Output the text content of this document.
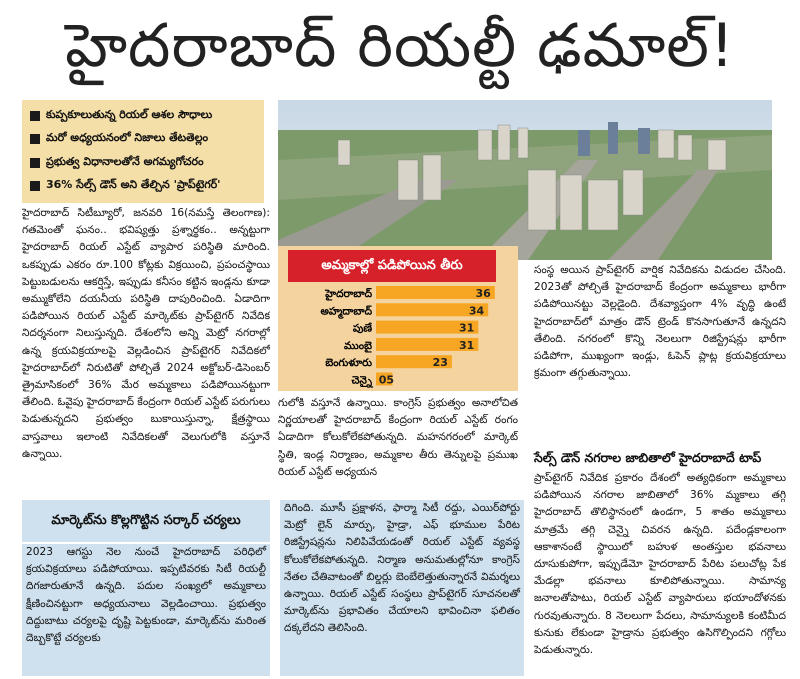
హైదరాబాద్ రియల్టీ ఢమాల్!
కుప్పకూలుతున్న రియల్ ఆశల సౌధాలు
మరో అధ్యయనంలో నిజాలు తేటతెల్లం
ప్రభుత్వ విధానాలతోనే అగమ్యగోచరం
36% సేల్స్ డౌన్ అని తేల్చిన 'ప్రాప్‌టైగర్'
అమ్మకాల్లో పడిపోయిన తీరు
హైదరాబాద్	36
అహ్మదాబాద్	34
పుణే	31
ముంబై	31
బెంగుళూరు	23
చెన్నై 05

హైదరాబాద్ సిటీబ్యూరో, జనవరి 16(నమస్తే తెలంగాణ): గతమెంతో ఘనం.. భవిష్యత్తు ప్రశ్నార్థకం.. అన్నట్టుగా హైదరాబాద్ రియల్ ఎస్టేట్ వ్యాపార పరిస్థితి మారింది. ఒకప్పుడు ఎకరం రూ.100 కోట్లకు విక్రయించి, ప్రపంచస్థాయి పెట్టుబడులను ఆకర్షిస్తే, ఇప్పుడు కనీసం కట్టిన ఇండ్లను కూడా అమ్ముకోలేని దయనీయ పరిస్థితి దాపురించింది. ఏడాదిగా పడిపోయిన రియల్ ఎస్టేట్ మార్కెట్‌కు ప్రాప్‌టైగర్ నివేదిక నిదర్శనంగా నిలుస్తున్నది. దేశంలోని అన్ని మెట్రో నగరాల్లో ఉన్న క్రయవిక్రయాలపై వెల్లడించిన ప్రాప్‌టైగర్ నివేదికలో హైదరాబాద్‌లో నిరుటితో పోల్చితే 2024 అక్టోబర్-డిసెంబర్ త్రైమాసికంలో 36% మేర అమ్మకాలు పడిపోయినట్టుగా తేలింది. ఓవైపు హైదరాబాద్ కేంద్రంగా రియల్ ఎస్టేట్ పరుగులు పెడుతున్నదని ప్రభుత్వం బుకాయిస్తున్నా, క్షేత్రస్థాయి వాస్తవాలు ఇలాంటి నివేదికలతో వెలుగులోకి వస్తూనే ఉన్నాయి.

గులోకి వస్తూనే ఉన్నాయి. కాంగ్రెస్ ప్రభుత్వం అనాలోచిత నిర్ణయాలతో హైదరాబాద్ కేంద్రంగా రియల్ ఎస్టేట్ రంగం ఏడాదిగా కోలుకోలేకపోతున్నది. మహనగరంలో మార్కెట్ స్థితి, ఇండ్ల నిర్మాణం, అమ్మకాల తీరు తెన్నులపై ప్రముఖ రియల్ ఎస్టేట్ అధ్యయన

సంస్థ అయిన ప్రాప్‌టైగర్ వార్షిక నివేదికను విడుదల చేసింది. 2023తో పోల్చితే హైదరాబాద్ కేంద్రంగా అమ్మకాలు భారీగా పడిపోయినట్టు వెల్లడైంది. దేశవ్యాప్తంగా 4% వృద్ధి ఉంటే హైదరాబాద్‌లో మాత్రం డౌన్ ట్రెండ్ కొనసాగుతూనే ఉన్నదని తేలింది. నగరంలో కొన్ని నెలలుగా రిజిస్ట్రేషన్లు భారీగా పడిపోగా, ముఖ్యంగా ఇండ్లు, ఓపెన్ ప్లాట్ల క్రయవిక్రయాలు క్రమంగా తగ్గుతున్నాయి.

సేల్స్ డౌన్ నగరాల జాబితాలో హైదరాబాదే టాప్

ప్రాప్‌టైగర్ నివేదిక ప్రకారం దేశంలో అత్యధికంగా అమ్మకాలు పడిపోయిన నగరాల జాబితాలో 36% మ్మకాలు తగ్గి హైదరాబాద్ తొలిస్థానంలో ఉండగా, 5 శాతం అమ్మకాలు మాత్రమే తగ్గి చెన్నై చివరన ఉన్నది. పదేండ్లకాలంగా ఆకాశానంటే స్థాయిలో బహుళ అంతస్తుల భవనాలు దూసుకుపోగా, ఇప్పుడేమో హైదరాబాద్ పేరిట పలుచోట్ల పేక మేడల్లా భవనాలు కూలిపోతున్నాయి. సామాన్య జనాలతోపాటు, రియల్ ఎస్టేట్ వ్యాపారులు భయాందోళనకు గురవుతున్నారు. 8 నెలలుగా పేదలు, సామాన్యులకి కంటిమీద కునుకు లేకుండా హైడ్రాను ప్రభుత్వం ఉసిగొల్పిందని గగ్గోలు పెడుతున్నారు.

మార్కెట్‌ను కొల్లగొట్టిన సర్కార్ చర్యలు

2023 ఆగస్టు నెల నుంచే హైదరాబాద్ పరిధిలో క్రయవిక్రయాలు పడిపోయాయి. ఇప్పటివరకు సిటీ రియల్టీ దిగజారుతూనే ఉన్నది. పదుల సంఖ్యలో అమ్మకాలు క్షీణించినట్టుగా అధ్యయనాలు వెల్లడించాయి. ప్రభుత్వం దిద్దుబాటు చర్యలపై దృష్టి పెట్టకుండా, మార్కెట్‌ను మరింత దెబ్బకొట్టే చర్యలకు

దిగింది. మూసీ ప్రక్షాళన, ఫార్మా సిటీ రద్దు, ఎయిర్‌పోర్టు మెట్రో లైన్ మార్పు, హైడ్రా, ఎఫ్ భూముల పేరిట రిజిస్ట్రేషన్లను నిలిపివేయడంతో రియల్ ఎస్టేట్ వ్యవస్థ కోలుకోలేకపోతున్నది. నిర్మాణ అనుమతుల్లోనూ కాంగ్రెస్ నేతల చేతివాటంతో బిల్డర్లు బెంబేలెత్తుతున్నారనే విమర్శలు ఉన్నాయి. రియల్ ఎస్టేట్ సంస్థలు ప్రాప్‌టైగర్ సూచనలతో మార్కెట్‌ను ప్రభావితం చేయాలని భావించినా ఫలితం దక్కలేదని తెలిసింది.
